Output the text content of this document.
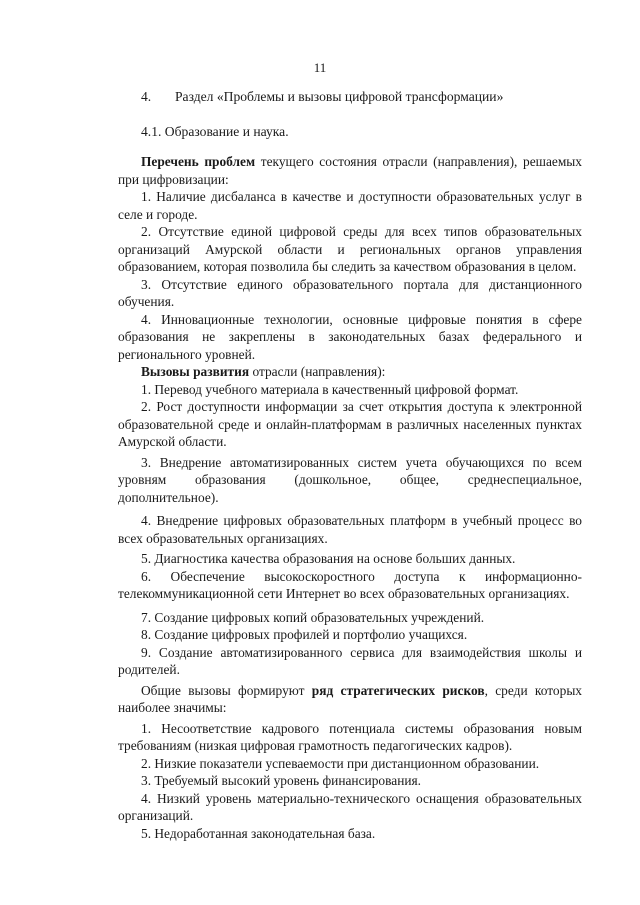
11
4. Раздел «Проблемы и вызовы цифровой трансформации»
4.1. Образование и наука.

Перечень проблем текущего состояния отрасли (направления), решаемых при цифровизации:

1. Наличие дисбаланса в качестве и доступности образовательных услуг в селе и городе.

2. Отсутствие единой цифровой среды для всех типов образовательных организаций Амурской области и региональных органов управления образованием, которая позволила бы следить за качеством образования в целом.

3. Отсутствие единого образовательного портала для дистанционного обучения.

4. Инновационные технологии, основные цифровые понятия в сфере образования не закреплены в законодательных базах федерального и регионального уровней.

Вызовы развития отрасли (направления):

1. Перевод учебного материала в качественный цифровой формат.

2. Рост доступности информации за счет открытия доступа к электронной образовательной среде и онлайн-платформам в различных населенных пунктах Амурской области.

3. Внедрение автоматизированных систем учета обучающихся по всем уровням образования (дошкольное, общее, среднеспециальное, дополнительное).

4. Внедрение цифровых образовательных платформ в учебный процесс во всех образовательных организациях.

5. Диагностика качества образования на основе больших данных.

6. Обеспечение высокоскоростного доступа к информационно-телекоммуникационной сети Интернет во всех образовательных организациях.

7. Создание цифровых копий образовательных учреждений.

8. Создание цифровых профилей и портфолио учащихся.

9. Создание автоматизированного сервиса для взаимодействия школы и родителей.

Общие вызовы формируют ряд стратегических рисков, среди которых наиболее значимы:

1. Несоответствие кадрового потенциала системы образования новым требованиям (низкая цифровая грамотность педагогических кадров).

2. Низкие показатели успеваемости при дистанционном образовании.

3. Требуемый высокий уровень финансирования.

4. Низкий уровень материально-технического оснащения образовательных организаций.

5. Недоработанная законодательная база.
